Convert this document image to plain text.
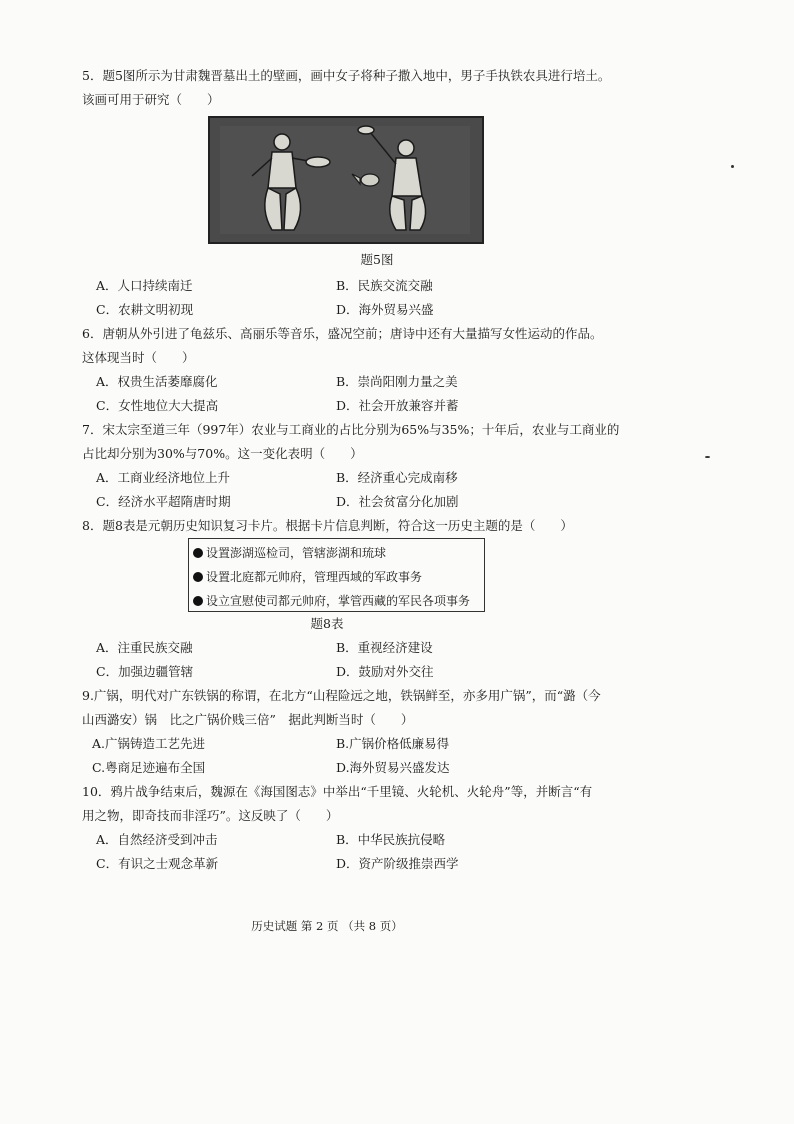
5．题5图所示为甘肃魏晋墓出土的壁画，画中女子将种子撒入地中，男子手执铁农具进行培土。
该画可用于研究（　　）
题5图
A．人口持续南迁	B．民族交流交融
C．农耕文明初现	D．海外贸易兴盛
6．唐朝从外引进了龟兹乐、高丽乐等音乐，盛况空前；唐诗中还有大量描写女性运动的作品。
这体现当时（　　）
A．权贵生活萎靡腐化	B．崇尚阳刚力量之美
C．女性地位大大提高	D．社会开放兼容并蓄
7．宋太宗至道三年（997年）农业与工商业的占比分别为65%与35%；十年后，农业与工商业的
占比却分别为30%与70%。这一变化表明（　　）
A．工商业经济地位上升	B．经济重心完成南移
C．经济水平超隋唐时期	D．社会贫富分化加剧
8．题8表是元朝历史知识复习卡片。根据卡片信息判断，符合这一历史主题的是（　　）
设置澎湖巡检司，管辖澎湖和琉球
设置北庭都元帅府，管理西域的军政事务
设立宣慰使司都元帅府，掌管西藏的军民各项事务
题8表
A．注重民族交融	B．重视经济建设
C．加强边疆管辖	D．鼓励对外交往
9.广锅，明代对广东铁锅的称谓，在北方“山程险远之地，铁锅鲜至，亦多用广锅”，而“潞（今
山西潞安）锅　比之广锅价贱三倍”　据此判断当时（　　）
A.广锅铸造工艺先进	B.广锅价格低廉易得
C.粤商足迹遍布全国	D.海外贸易兴盛发达
10．鸦片战争结束后，魏源在《海国图志》中举出“千里镜、火轮机、火轮舟”等，并断言“有
用之物，即奇技而非淫巧”。这反映了（　　）
A．自然经济受到冲击	B．中华民族抗侵略
C．有识之士观念革新	D．资产阶级推崇西学
历史试题 第 2 页 （共 8 页）
